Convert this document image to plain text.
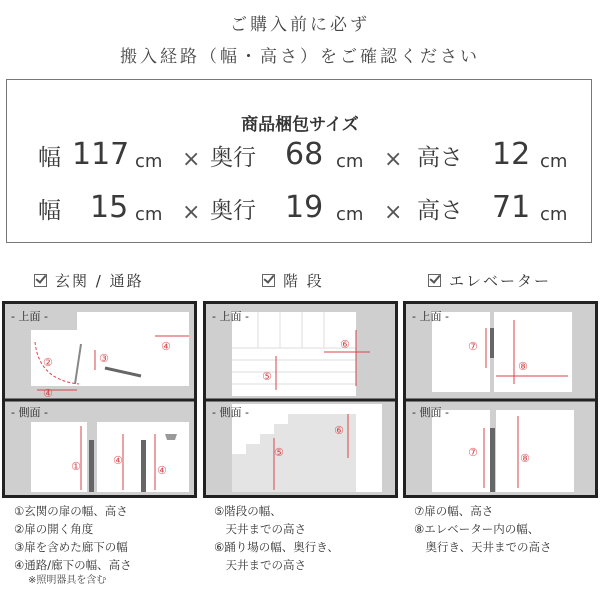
ご購入前に必ず
搬入経路（幅・高さ）をご確認ください
商品梱包サイズ
幅 117 cm × 奥行 68 cm × 高さ 12 cm
幅 15 cm × 奥行 19 cm × 高さ 71 cm
玄関 / 通路	階 段	エレベーター
②	③
④
④
①	④
④
- 上面 -
- 側面 -
⑥
⑤
⑤
⑥
- 上面 -
- 側面 -
⑦
⑧
⑦	⑧
- 上面 -
- 側面 -
①玄関の扉の幅、高さ
②扉の開く角度
③扉を含めた廊下の幅
④通路/廊下の幅、高さ
※照明器具を含む
⑤階段の幅、
　天井までの高さ
⑥踊り場の幅、奥行き、
　天井までの高さ
⑦扉の幅、高さ
⑧エレベーター内の幅、
　奥行き、天井までの高さ
